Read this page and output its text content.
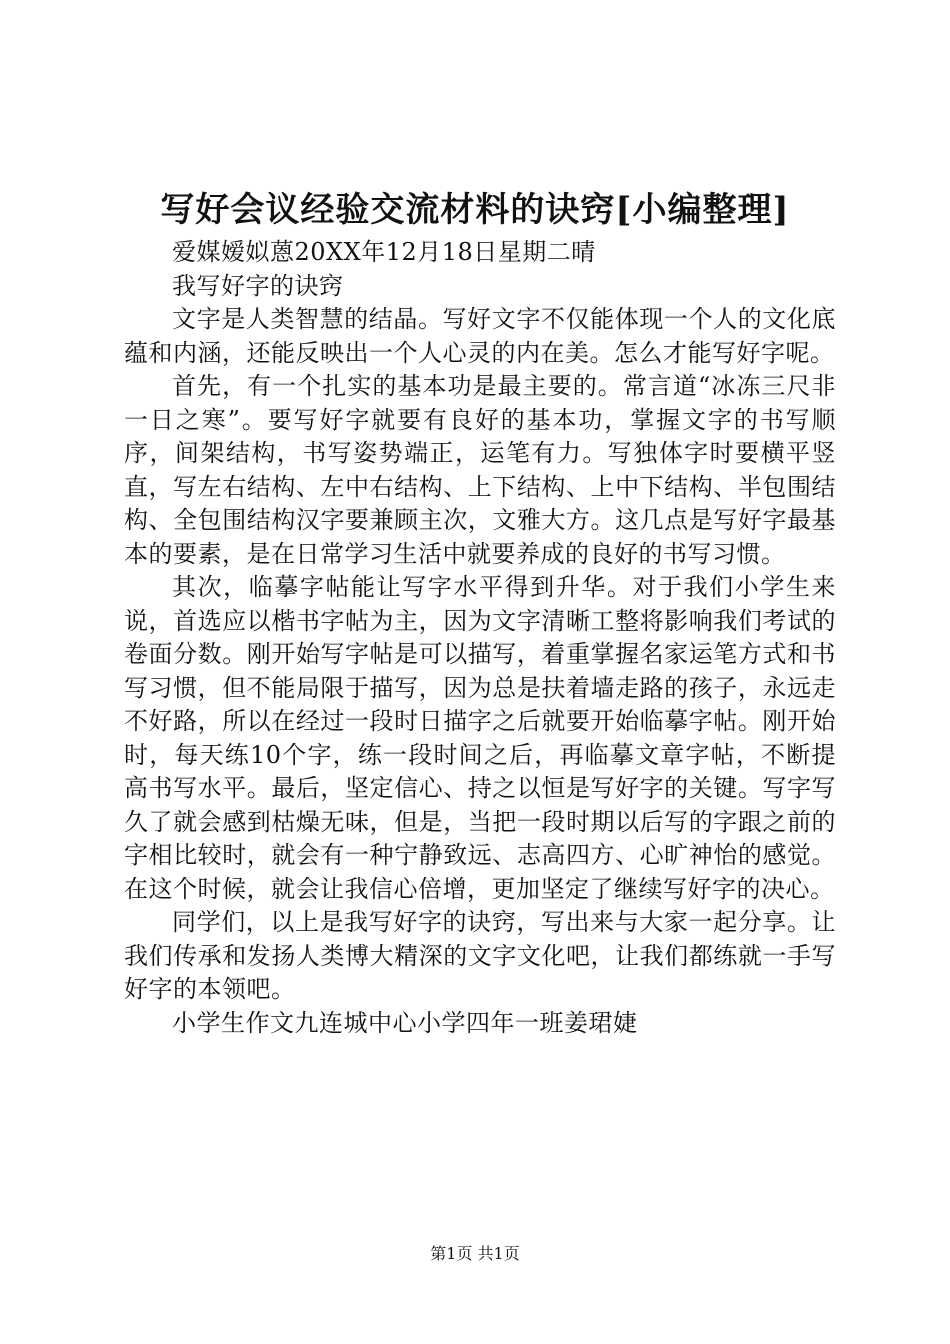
写好会议经验交流材料的诀窍[小编整理]

爱媒嫒姒蒽20XX年12月18日星期二晴

我写好字的诀窍

文字是人类智慧的结晶。写好文字不仅能体现一个人的文化底蕴和内涵，还能反映出一个人心灵的内在美。怎么才能写好字呢。

首先，有一个扎实的基本功是最主要的。常言道“冰冻三尺非一日之寒”。要写好字就要有良好的基本功，掌握文字的书写顺序，间架结构，书写姿势端正，运笔有力。写独体字时要横平竖直，写左右结构、左中右结构、上下结构、上中下结构、半包围结构、全包围结构汉字要兼顾主次，文雅大方。这几点是写好字最基本的要素，是在日常学习生活中就要养成的良好的书写习惯。

其次，临摹字帖能让写字水平得到升华。对于我们小学生来说，首选应以楷书字帖为主，因为文字清晰工整将影响我们考试的卷面分数。刚开始写字帖是可以描写，着重掌握名家运笔方式和书写习惯，但不能局限于描写，因为总是扶着墙走路的孩子，永远走不好路，所以在经过一段时日描字之后就要开始临摹字帖。刚开始时，每天练10个字，练一段时间之后，再临摹文章字帖，不断提高书写水平。最后，坚定信心、持之以恒是写好字的关键。写字写久了就会感到枯燥无味，但是，当把一段时期以后写的字跟之前的字相比较时，就会有一种宁静致远、志高四方、心旷神怡的感觉。在这个时候，就会让我信心倍增，更加坚定了继续写好字的决心。

同学们，以上是我写好字的诀窍，写出来与大家一起分享。让我们传承和发扬人类博大精深的文字文化吧，让我们都练就一手写好字的本领吧。

小学生作文九连城中心小学四年一班姜珺婕

第1页 共1页
